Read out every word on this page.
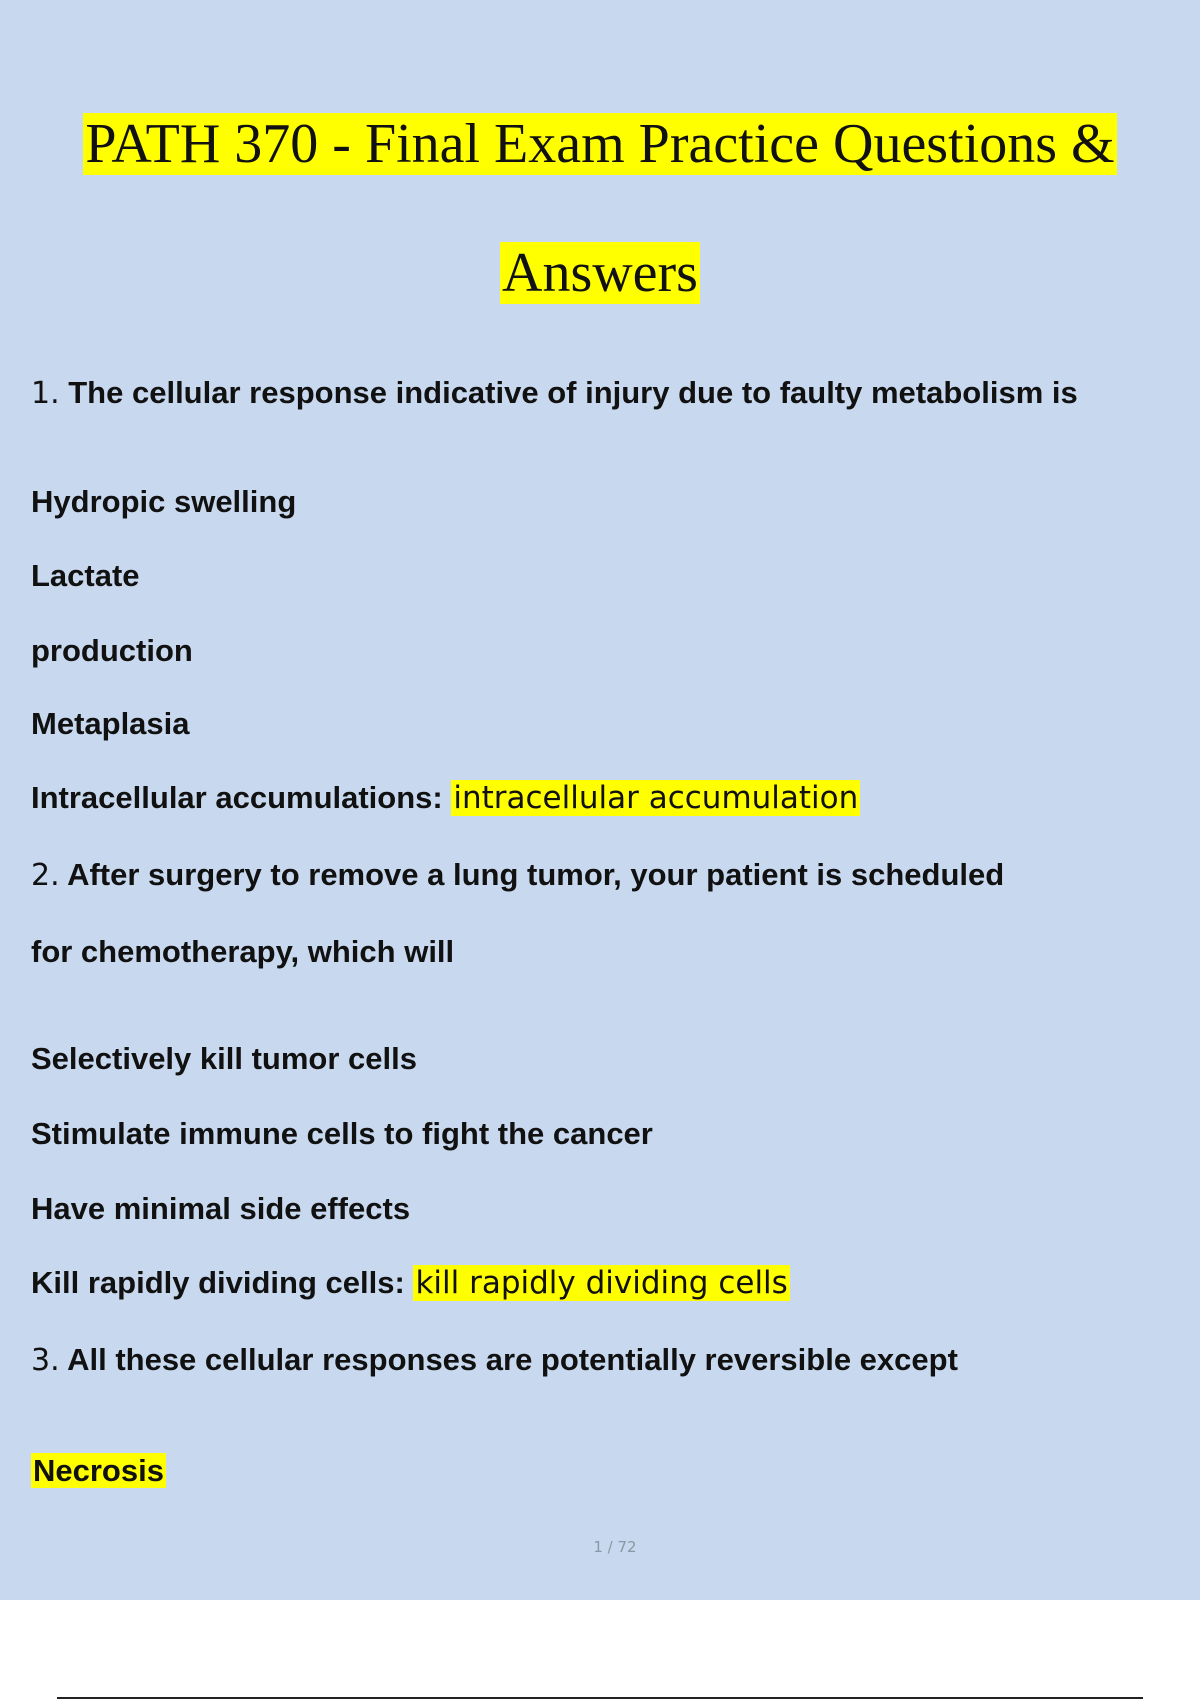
PATH 370 - Final Exam Practice Questions &
Answers
1. The cellular response indicative of injury due to faulty metabolism is
Hydropic swelling
Lactate
production
Metaplasia
Intracellular accumulations: intracellular accumulation
2. After surgery to remove a lung tumor, your patient is scheduled
for chemotherapy, which will
Selectively kill tumor cells
Stimulate immune cells to fight the cancer
Have minimal side effects
Kill rapidly dividing cells: kill rapidly dividing cells
3. All these cellular responses are potentially reversible except
Necrosis
1 / 72
